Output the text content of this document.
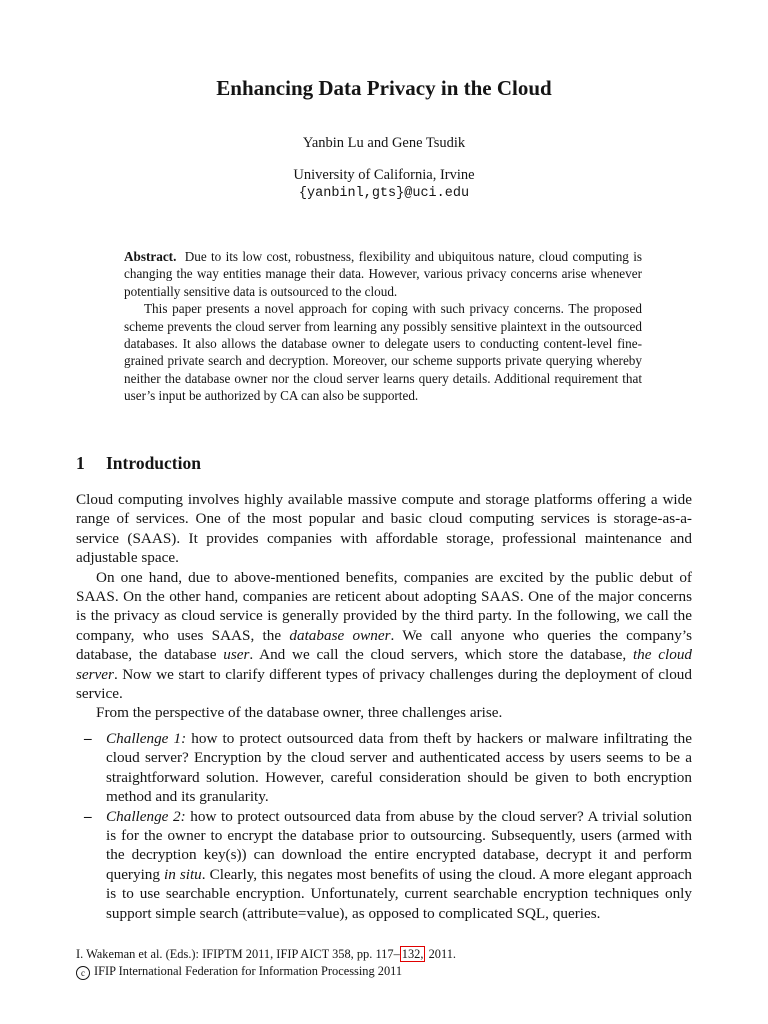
Enhancing Data Privacy in the Cloud
Yanbin Lu and Gene Tsudik
University of California, Irvine
{yanbinl,gts}@uci.edu

Abstract. Due to its low cost, robustness, flexibility and ubiquitous nature, cloud computing is changing the way entities manage their data. However, various privacy concerns arise whenever potentially sensitive data is outsourced to the cloud.

This paper presents a novel approach for coping with such privacy concerns. The proposed scheme prevents the cloud server from learning any possibly sensitive plaintext in the outsourced databases. It also allows the database owner to delegate users to conducting content-level fine-grained private search and decryption. Moreover, our scheme supports private querying whereby neither the database owner nor the cloud server learns query details. Additional requirement that user’s input be authorized by CA can also be supported.

1 Introduction

Cloud computing involves highly available massive compute and storage platforms offering a wide range of services. One of the most popular and basic cloud computing services is storage-as-a-service (SAAS). It provides companies with affordable storage, professional maintenance and adjustable space.

On one hand, due to above-mentioned benefits, companies are excited by the public debut of SAAS. On the other hand, companies are reticent about adopting SAAS. One of the major concerns is the privacy as cloud service is generally provided by the third party. In the following, we call the company, who uses SAAS, the database owner. We call anyone who queries the company’s database, the database user. And we call the cloud servers, which store the database, the cloud server. Now we start to clarify different types of privacy challenges during the deployment of cloud service.

From the perspective of the database owner, three challenges arise.

– Challenge 1: how to protect outsourced data from theft by hackers or malware infiltrating the cloud server? Encryption by the cloud server and authenticated access by users seems to be a straightforward solution. However, careful consideration should be given to both encryption method and its granularity.
– Challenge 2: how to protect outsourced data from abuse by the cloud server? A trivial solution is for the owner to encrypt the database prior to outsourcing. Subsequently, users (armed with the decryption key(s)) can download the entire encrypted database, decrypt it and perform querying in situ. Clearly, this negates most benefits of using the cloud. A more elegant approach is to use searchable encryption. Unfortunately, current searchable encryption techniques only support simple search (attribute=value), as opposed to complicated SQL, queries.
I. Wakeman et al. (Eds.): IFIPTM 2011, IFIP AICT 358, pp. 117– 132, 2011.
c IFIP International Federation for Information Processing 2011
